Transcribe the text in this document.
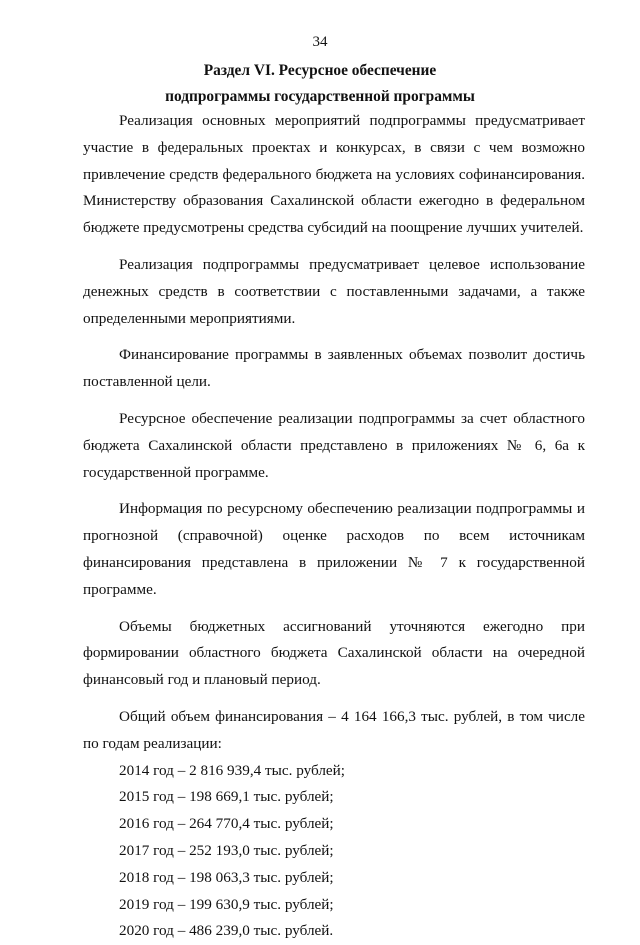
34
Раздел VI. Ресурсное обеспечение
подпрограммы государственной программы

Реализация основных мероприятий подпрограммы предусматривает участие в федеральных проектах и конкурсах, в связи с чем возможно привлечение средств федерального бюджета на условиях софинансирования. Министерству образования Сахалинской области ежегодно в федеральном бюджете предусмотрены средства субсидий на поощрение лучших учителей.

Реализация подпрограммы предусматривает целевое использование денежных средств в соответствии с поставленными задачами, а также определенными мероприятиями.

Финансирование программы в заявленных объемах позволит достичь поставленной цели.

Ресурсное обеспечение реализации подпрограммы за счет областного бюджета Сахалинской области представлено в приложениях № 6, 6а к государственной программе.

Информация по ресурсному обеспечению реализации подпрограммы и прогнозной (справочной) оценке расходов по всем источникам финансирования представлена в приложении № 7 к государственной программе.

Объемы бюджетных ассигнований уточняются ежегодно при формировании областного бюджета Сахалинской области на очередной финансовый год и плановый период.

Общий объем финансирования – 4 164 166,3 тыс. рублей, в том числе по годам реализации:

2014 год – 2 816 939,4 тыс. рублей;
2015 год – 198 669,1 тыс. рублей;
2016 год – 264 770,4 тыс. рублей;
2017 год – 252 193,0 тыс. рублей;
2018 год – 198 063,3 тыс. рублей;
2019 год – 199 630,9 тыс. рублей;
2020 год – 486 239,0 тыс. рублей.
